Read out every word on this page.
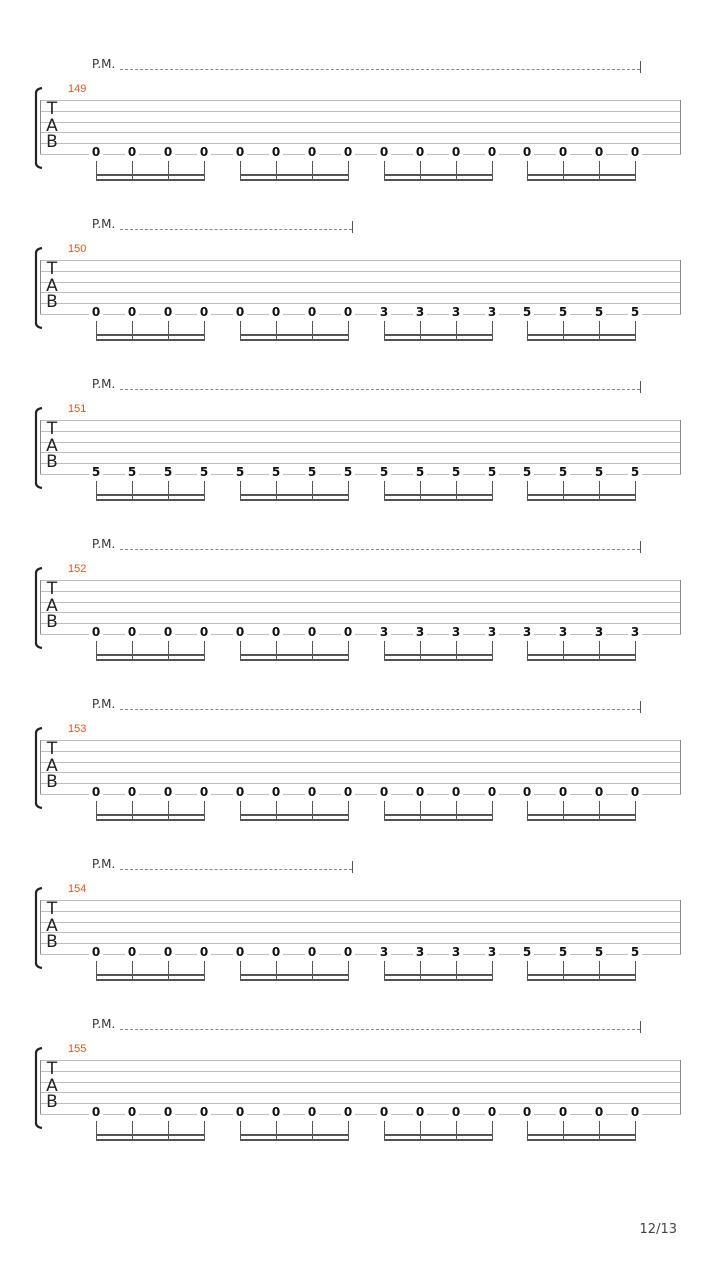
P.M.
149
T
A
B	0 0 0 0 0 0 0 0 0 0 0 0 0 0 0 0
P.M.
150
T
A
B	0 0 0 0 0 0 0 0 3 3 3 3 5 5 5 5
P.M.
151
T
A
B	5 5 5 5 5 5 5 5 5 5 5 5 5 5 5 5
P.M.
152
T
A
B	0 0 0 0 0 0 0 0 3 3 3 3 3 3 3 3
P.M.
153
T
A
B	0 0 0 0 0 0 0 0 0 0 0 0 0 0 0 0
P.M.
154
T
A
B	0 0 0 0 0 0 0 0 3 3 3 3 5 5 5 5
P.M.
155
T
A
B	0 0 0 0 0 0 0 0 0 0 0 0 0 0 0 0
12/13
